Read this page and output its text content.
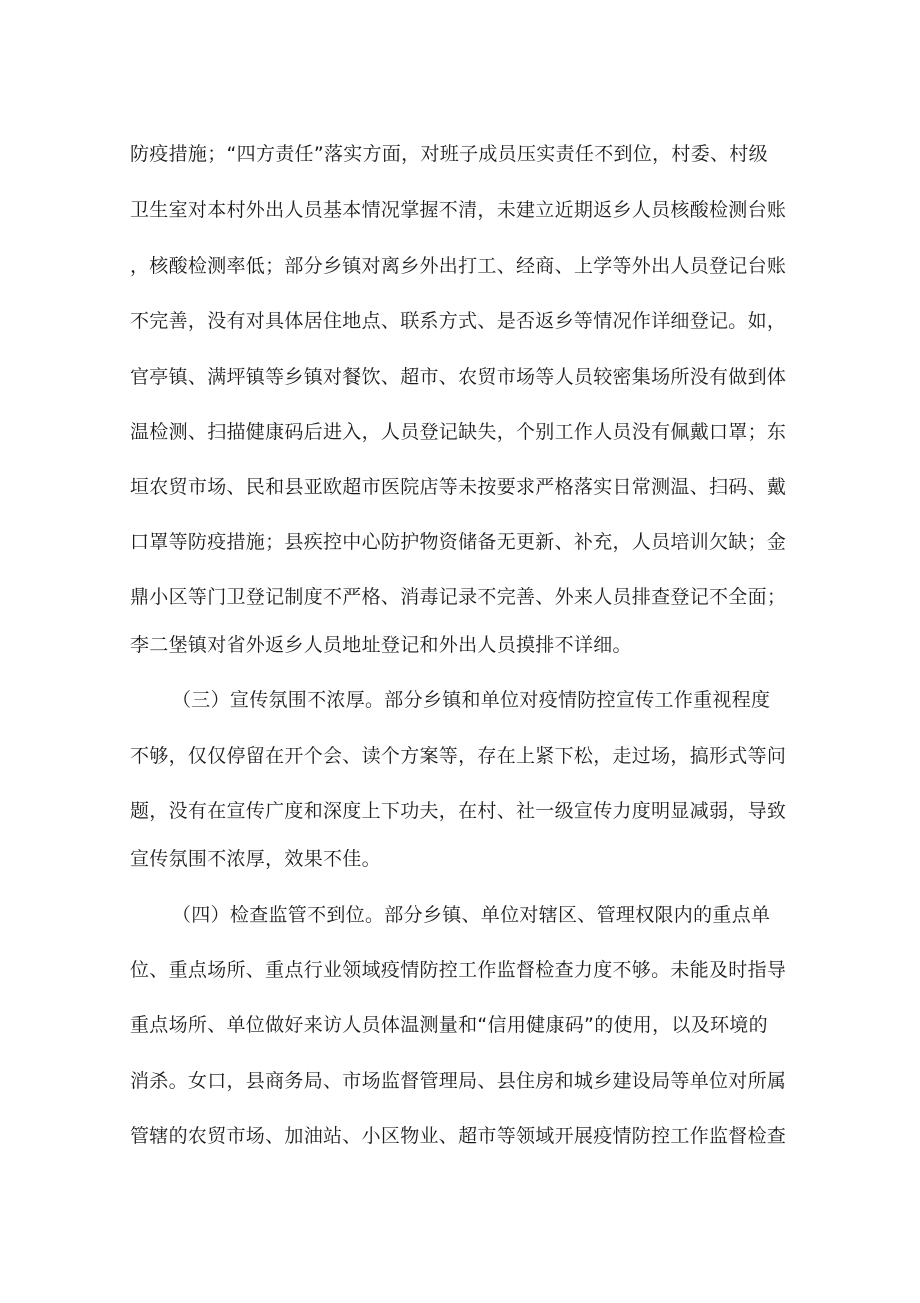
防疫措施；“四方责任”落实方面，对班子成员压实责任不到位，村委、村级
卫生室对本村外出人员基本情况掌握不清，未建立近期返乡人员核酸检测台账
，核酸检测率低；部分乡镇对离乡外出打工、经商、上学等外出人员登记台账
不完善，没有对具体居住地点、联系方式、是否返乡等情况作详细登记。如，
官亭镇、满坪镇等乡镇对餐饮、超市、农贸市场等人员较密集场所没有做到体
温检测、扫描健康码后进入，人员登记缺失，个别工作人员没有佩戴口罩；东
垣农贸市场、民和县亚欧超市医院店等未按要求严格落实日常测温、扫码、戴
口罩等防疫措施；县疾控中心防护物资储备无更新、补充，人员培训欠缺；金
鼎小区等门卫登记制度不严格、消毒记录不完善、外来人员排查登记不全面；
李二堡镇对省外返乡人员地址登记和外出人员摸排不详细。
（三）宣传氛围不浓厚。部分乡镇和单位对疫情防控宣传工作重视程度
不够，仅仅停留在开个会、读个方案等，存在上紧下松，走过场，搞形式等问
题，没有在宣传广度和深度上下功夫，在村、社一级宣传力度明显减弱，导致
宣传氛围不浓厚，效果不佳。
（四）检查监管不到位。部分乡镇、单位对辖区、管理权限内的重点单
位、重点场所、重点行业领域疫情防控工作监督检查力度不够。未能及时指导
重点场所、单位做好来访人员体温测量和“信用健康码”的使用，以及环境的
消杀。女口，县商务局、市场监督管理局、县住房和城乡建设局等单位对所属
管辖的农贸市场、加油站、小区物业、超市等领域开展疫情防控工作监督检查
